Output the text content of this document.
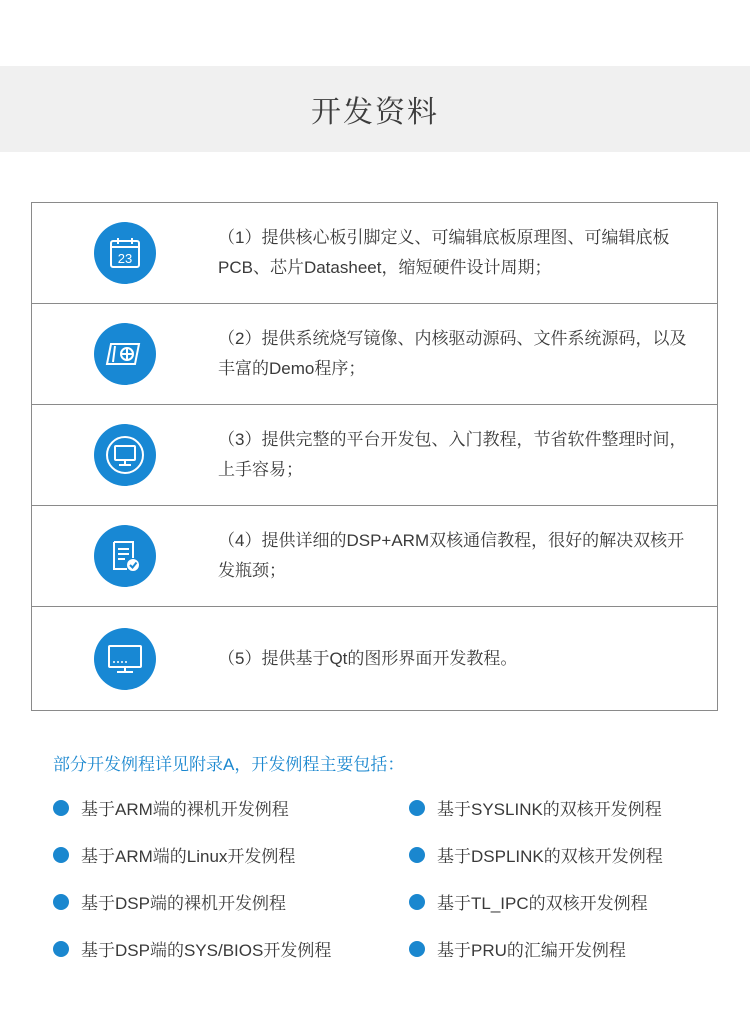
开发资料
23
（1）提供核心板引脚定义、可编辑底板原理图、可编辑底板PCB、芯片Datasheet，缩短硬件设计周期；
（2）提供系统烧写镜像、内核驱动源码、文件系统源码，以及丰富的Demo程序；
（3）提供完整的平台开发包、入门教程，节省软件整理时间，上手容易；
（4）提供详细的DSP+ARM双核通信教程，很好的解决双核开发瓶颈；
（5）提供基于Qt的图形界面开发教程。
部分开发例程详见附录A，开发例程主要包括：
基于ARM端的裸机开发例程	基于SYSLINK的双核开发例程
基于ARM端的Linux开发例程	基于DSPLINK的双核开发例程
基于DSP端的裸机开发例程	基于TL_IPC的双核开发例程
基于DSP端的SYS/BIOS开发例程	基于PRU的汇编开发例程
